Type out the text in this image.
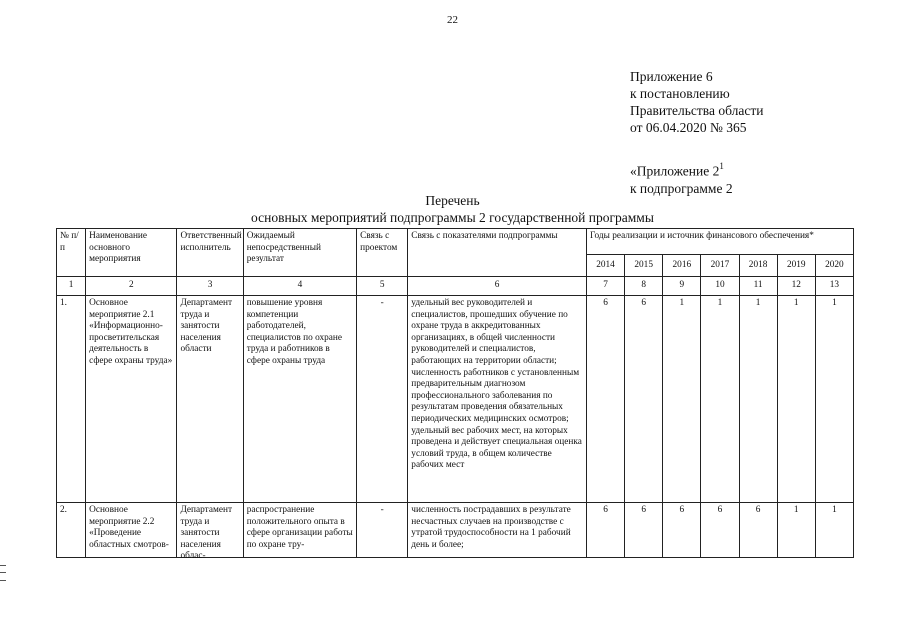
22
Приложение 6
к постановлению
Правительства области
от 06.04.2020 № 365
«Приложение $2^1$
к подпрограмме 2
Перечень
основных мероприятий подпрограммы 2 государственной программы
№ п/п	Наименование основного мероприятия	Ответственный исполнитель	Ожидаемый непосредственный результат	Связь с проектом	Связь с показателями подпрограммы	Годы реализации и источник финансового обеспечения*						
						2014	2015	2016	2017	2018	2019	2020
1	2	3	4	5	6	7	8	9	10	11	12	13
1.	Основное мероприятие 2.1 «Информационно-просветительская деятельность в сфере охраны труда»	Департамент труда и занятости населения области	повышение уровня компетенции работодателей, специалистов по охране труда и работников в сфере охраны труда	-	удельный вес руководителей и специалистов, прошедших обучение по охране труда в аккредитованных организациях, в общей численности руководителей и специалистов, работающих на территории области; численность работников с установленным предварительным диагнозом профессионального заболевания по результатам проведения обязательных периодических медицинских осмотров; удельный вес рабочих мест, на которых проведена и действует специальная оценка условий труда, в общем количестве рабочих мест	6	6	1	1	1	1	1
2.	Основное мероприятие 2.2 «Проведение областных смотров-	Департамент труда и занятости населения облас-	распространение положительного опыта в сфере организации работы по охране тру-	-	численность пострадавших в результате несчастных случаев на производстве с утратой трудоспособности на 1 рабочий день и более;	6	6	6	6	6	1	1
